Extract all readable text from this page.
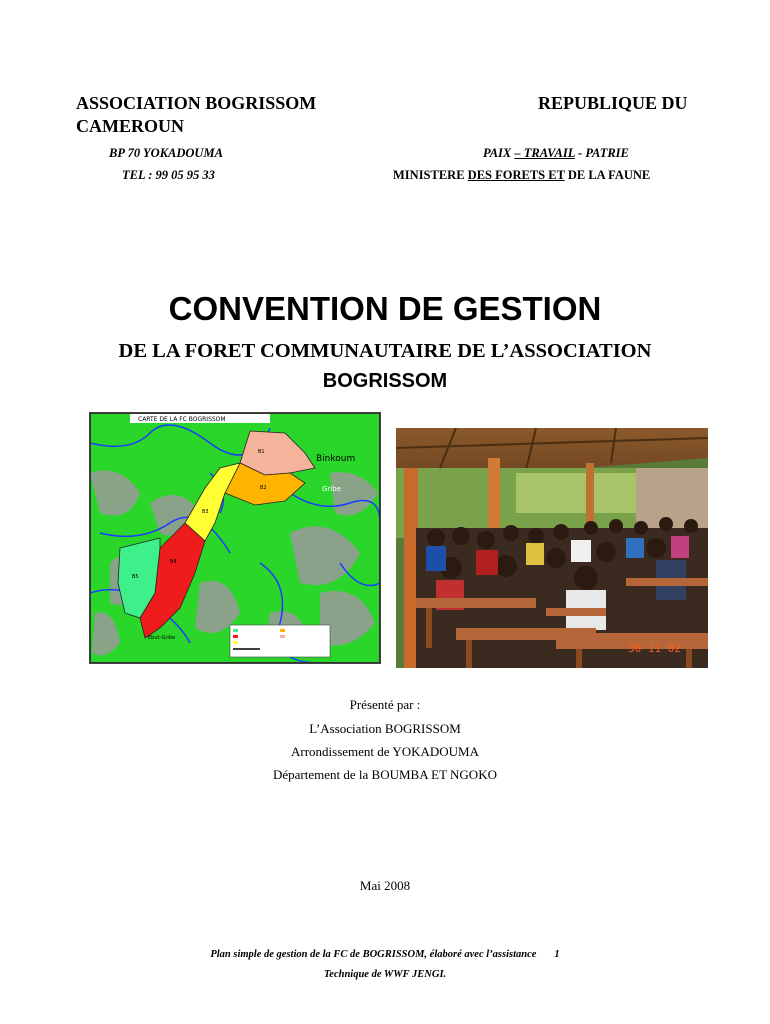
ASSOCIATION BOGRISSOM
CAMEROUN
REPUBLIQUE DU
BP 70 YOKADOUMA
TEL : 99 05 95 33
PAIX – TRAVAIL - PATRIE
MINISTERE DES FORETS ET DE LA FAUNE
CONVENTION DE GESTION
DE LA FORET COMMUNAUTAIRE DE L’ASSOCIATION
BOGRISSOM
CARTE DE LA FC BOGRISSOM
Binkoum
Gribe
Ebut-Gribe
B1
B2
B3
B4
B5
30 11 02
Présenté par :
L’Association BOGRISSOM
Arrondissement de YOKADOUMA
Département de la BOUMBA ET NGOKO
Mai 2008
Plan simple de gestion de la FC de BOGRISSOM, élaboré avec l’assistance 1
Technique de WWF JENGI.
